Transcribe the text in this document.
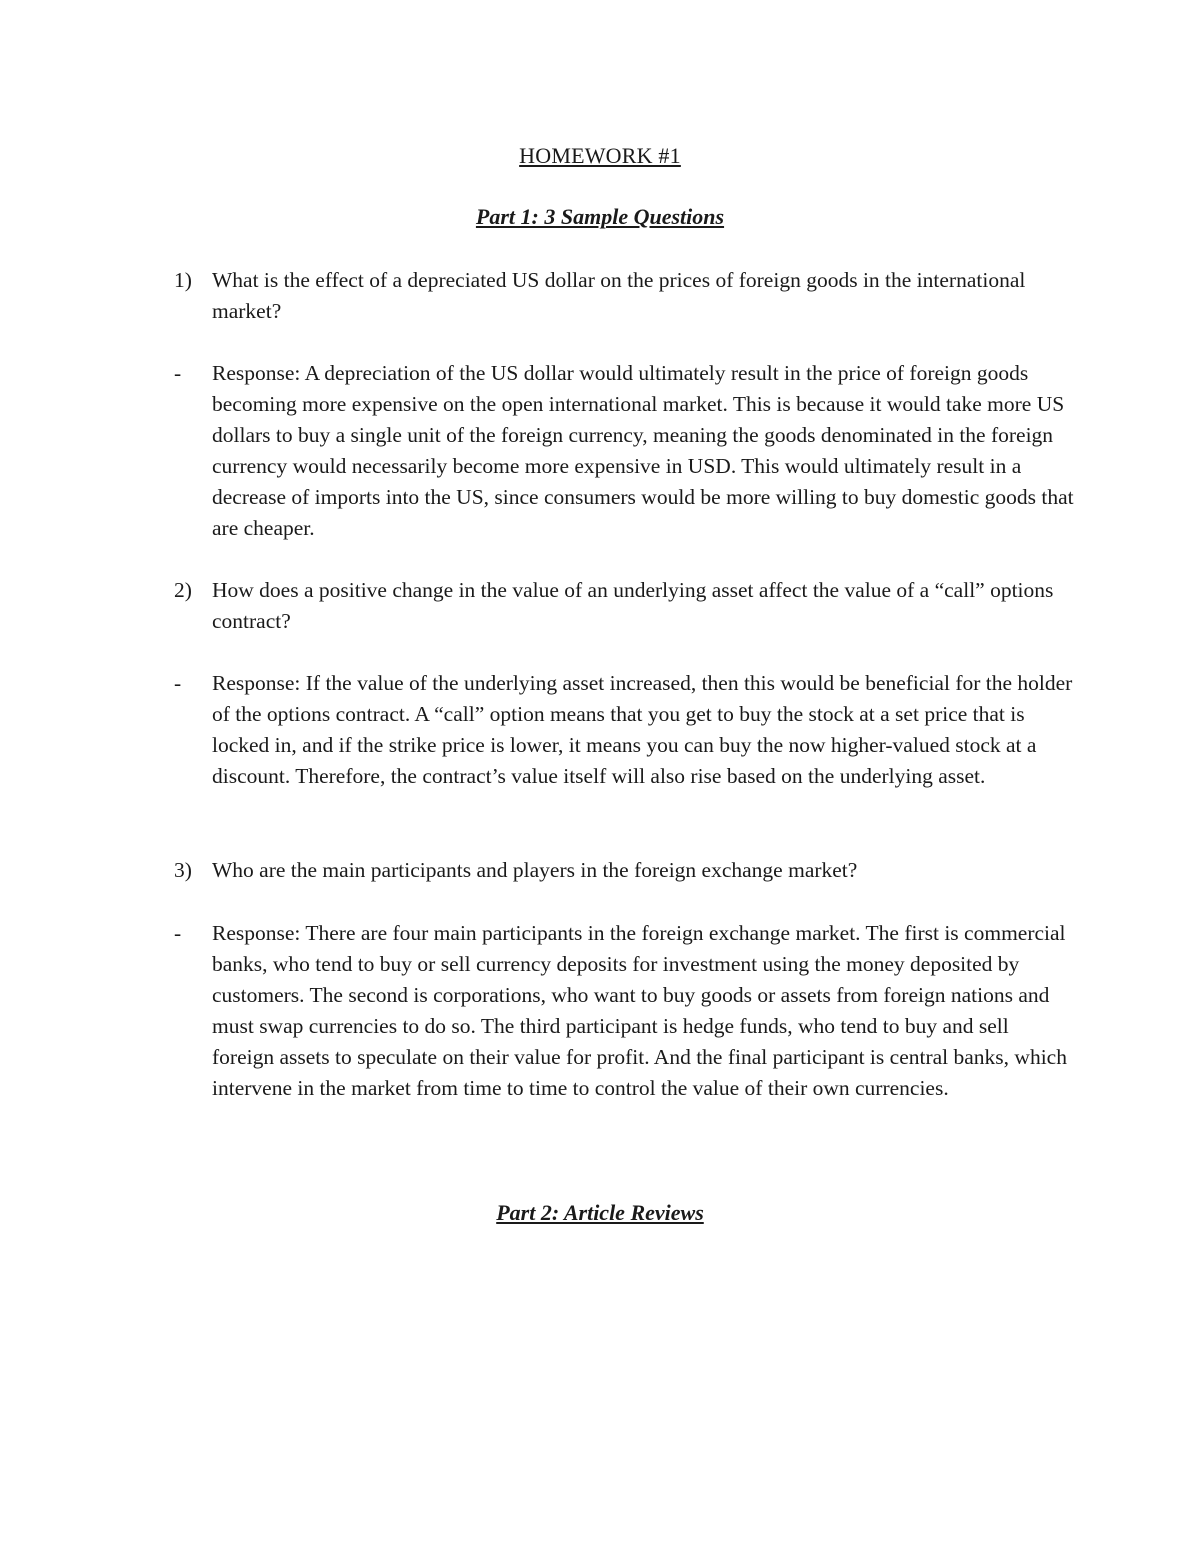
HOMEWORK #1
Part 1: 3 Sample Questions
1) What is the effect of a depreciated US dollar on the prices of foreign goods in the international market?
-	Response: A depreciation of the US dollar would ultimately result in the price of foreign goods becoming more expensive on the open international market. This is because it would take more US dollars to buy a single unit of the foreign currency, meaning the goods denominated in the foreign currency would necessarily become more expensive in USD. This would ultimately result in a decrease of imports into the US, since consumers would be more willing to buy domestic goods that are cheaper.
2) How does a positive change in the value of an underlying asset affect the value of a “call” options contract?
-	Response: If the value of the underlying asset increased, then this would be beneficial for the holder of the options contract. A “call” option means that you get to buy the stock at a set price that is locked in, and if the strike price is lower, it means you can buy the now higher-valued stock at a discount. Therefore, the contract’s value itself will also rise based on the underlying asset.
3) Who are the main participants and players in the foreign exchange market?
-	Response: There are four main participants in the foreign exchange market. The first is commercial banks, who tend to buy or sell currency deposits for investment using the money deposited by customers. The second is corporations, who want to buy goods or assets from foreign nations and must swap currencies to do so. The third participant is hedge funds, who tend to buy and sell foreign assets to speculate on their value for profit. And the final participant is central banks, which intervene in the market from time to time to control the value of their own currencies.
Part 2: Article Reviews
